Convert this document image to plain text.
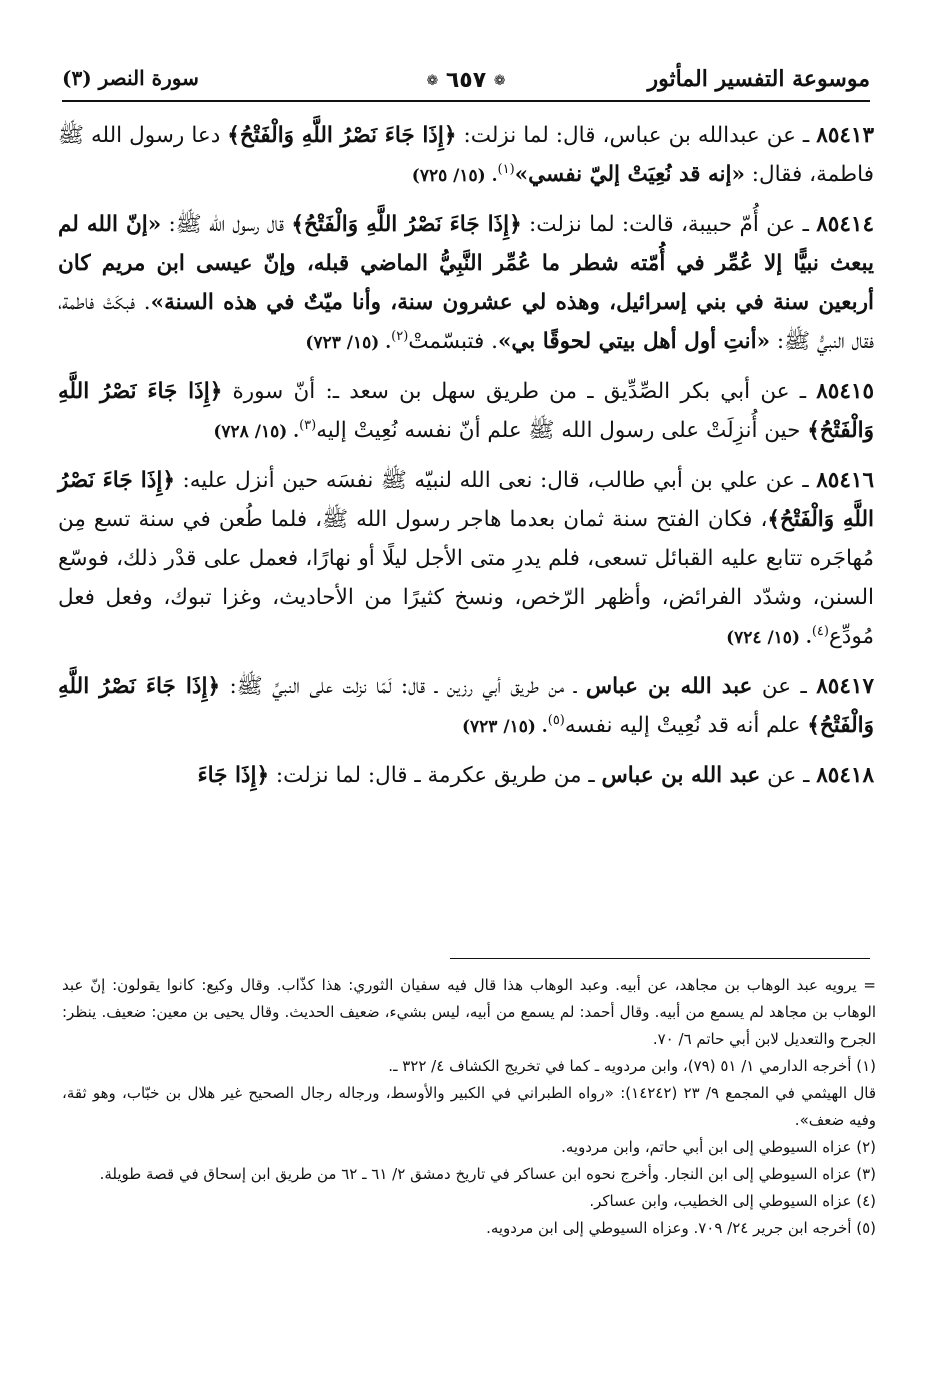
موسوعة التفسير المأثور
❁ ٦٥٧ ❁
سورة النصر (٣)

٨٥٤١٣ ـ عن عبدالله بن عباس، قال: لما نزلت: ﴿إِذَا جَاءَ نَصْرُ اللَّهِ وَالْفَتْحُ﴾ دعا رسول الله ﷺ فاطمة، فقال: «إنه قد نُعِيَتْ إليّ نفسي»$^{(١)}$. (١٥/ ٧٢٥)

٨٥٤١٤ ـ عن أُمّ حبيبة، قالت: لما نزلت: ﴿إِذَا جَاءَ نَصْرُ اللَّهِ وَالْفَتْحُ﴾ قال رسول الله ﷺ: «إنّ الله لم يبعث نبيًّا إلا عُمِّر في أُمّته شطر ما عُمِّر النَّبِيُّ الماضي قبله، وإنّ عيسى ابن مريم كان أربعين سنة في بني إسرائيل، وهذه لي عشرون سنة، وأنا ميّتٌ في هذه السنة». فبكَتْ فاطمة، فقال النبيُّ ﷺ: «أنتِ أول أهل بيتي لحوقًا بي». فتبسّمتْ$^{(٢)}$. (١٥/ ٧٢٣)

٨٥٤١٥ ـ عن أبي بكر الصِّدِّيق ـ من طريق سهل بن سعد ـ: أنّ سورة ﴿إِذَا جَاءَ نَصْرُ اللَّهِ وَالْفَتْحُ﴾ حين أُنزِلَتْ على رسول الله ﷺ علم أنّ نفسه نُعِيتْ إليه$^{(٣)}$. (١٥/ ٧٢٨)

٨٥٤١٦ ـ عن علي بن أبي طالب، قال: نعى الله لنبيّه ﷺ نفسَه حين أنزل عليه: ﴿إِذَا جَاءَ نَصْرُ اللَّهِ وَالْفَتْحُ﴾، فكان الفتح سنة ثمان بعدما هاجر رسول الله ﷺ، فلما طُعن في سنة تسع مِن مُهاجَره تتابع عليه القبائل تسعى، فلم يدرِ متى الأجل ليلًا أو نهارًا، فعمل على قدْر ذلك، فوسّع السنن، وشدّد الفرائض، وأظهر الرّخص، ونسخ كثيرًا من الأحاديث، وغزا تبوك، وفعل فعل مُودِّع$^{(٤)}$. (١٥/ ٧٢٤)

٨٥٤١٧ ـ عن عبد الله بن عباس ـ من طريق أبي رزين ـ قال: لَمّا نزلت على النبيِّ ﷺ: ﴿إِذَا جَاءَ نَصْرُ اللَّهِ وَالْفَتْحُ﴾ علم أنه قد نُعِيتْ إليه نفسه$^{(٥)}$. (١٥/ ٧٢٣)

٨٥٤١٨ ـ عن عبد الله بن عباس ـ من طريق عكرمة ـ قال: لما نزلت: ﴿إِذَا جَاءَ

= يرويه عبد الوهاب بن مجاهد، عن أبيه. وعبد الوهاب هذا قال فيه سفيان الثوري: هذا كذّاب. وقال وكيع: كانوا يقولون: إنّ عبد الوهاب بن مجاهد لم يسمع من أبيه. وقال أحمد: لم يسمع من أبيه، ليس بشيء، ضعيف الحديث. وقال يحيى بن معين: ضعيف. ينظر: الجرح والتعديل لابن أبي حاتم ٦/ ٧٠.

(١) أخرجه الدارمي ١/ ٥١ (٧٩)، وابن مردويه ـ كما في تخريج الكشاف ٤/ ٣٢٢ ـ.

قال الهيثمي في المجمع ٩/ ٢٣ (١٤٢٤٢): «رواه الطبراني في الكبير والأوسط، ورجاله رجال الصحيح غير هلال بن خبّاب، وهو ثقة، وفيه ضعف».

(٢) عزاه السيوطي إلى ابن أبي حاتم، وابن مردويه.

(٣) عزاه السيوطي إلى ابن النجار. وأخرج نحوه ابن عساكر في تاريخ دمشق ٢/ ٦١ ـ ٦٢ من طريق ابن إسحاق في قصة طويلة.

(٤) عزاه السيوطي إلى الخطيب، وابن عساكر.

(٥) أخرجه ابن جرير ٢٤/ ٧٠٩. وعزاه السيوطي إلى ابن مردويه.
